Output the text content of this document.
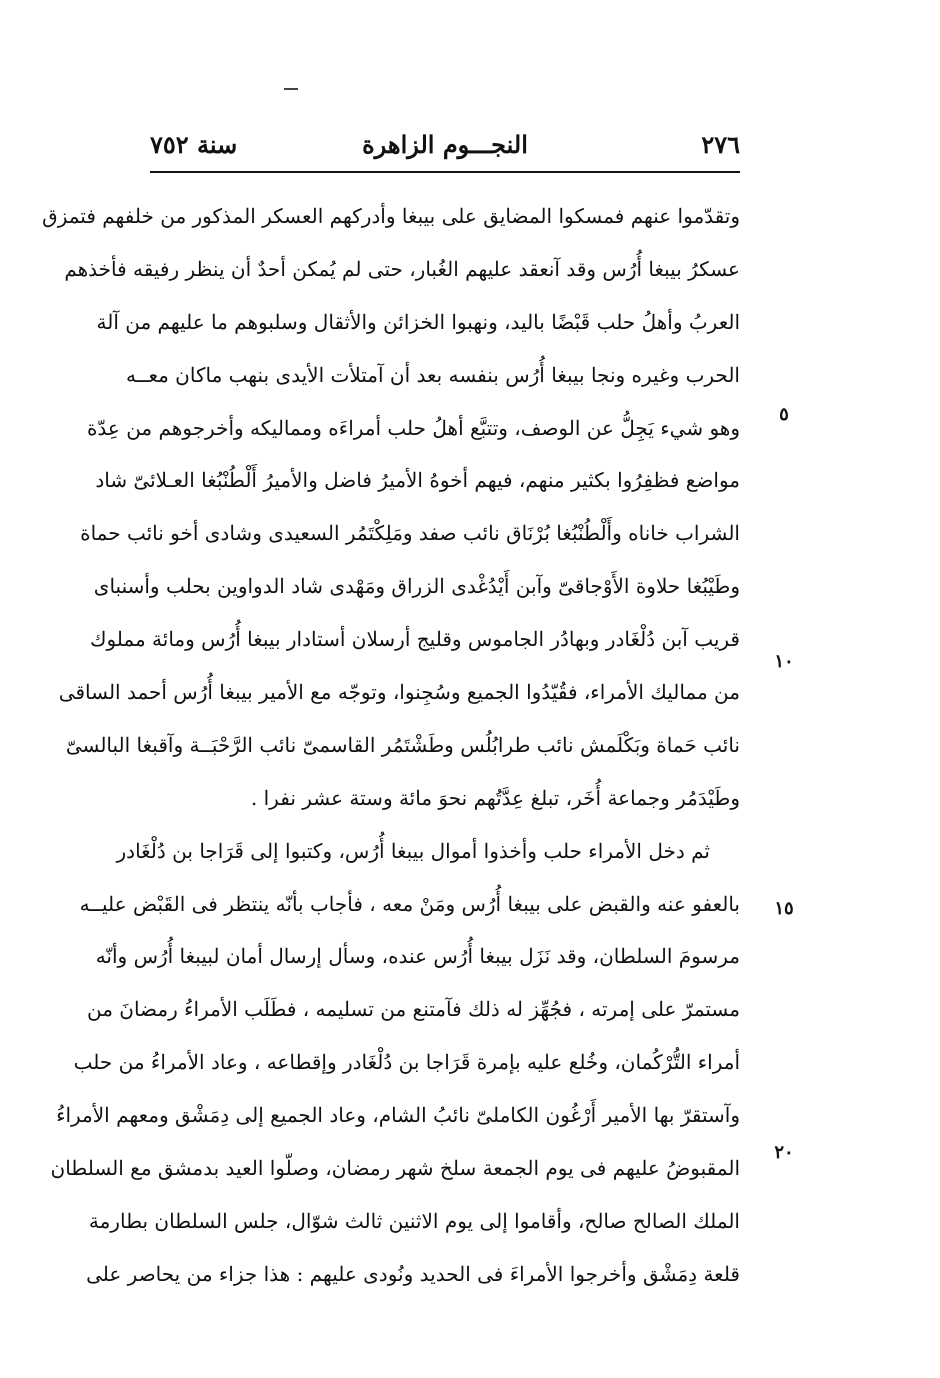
٢٧٦
النجـــوم الزاهرة
سنة ٧٥٢
وتقدّموا عنهم فمسكوا المضايق على بيبغا وأدركهم العسكر المذكور من خلفهم فتمزق
عسكرُ بيبغا أُرُس وقد آنعقد عليهم الغُبار، حتى لم يُمكن أحدٌ أن ينظر رفيقه فأخذهم
العربُ وأهلُ حلب قَبْضًا باليد، ونهبوا الخزائن والأثقال وسلبوهم ما عليهم من آلة
الحرب وغيره ونجا بيبغا أُرُس بنفسه بعد أن آمتلأت الأيدى بنهب ماكان معــه
وهو شيء يَجِلُّ عن الوصف، وتتبَّع أهلُ حلب أمراءَه ومماليكه وأخرجوهم من عِدّة
مواضع فظفِرُوا بكثير منهم، فيهم أخوهُ الأميرُ فاضل والأميرُ أَلْطُنْبُغا العـلائىّ شاد
الشراب خاناه وأَلْطُنْبُغا بُرْنَاق نائب صفد ومَلِكْتَمُر السعيدى وشادى أخو نائب حماة
وطَيْبُغا حلاوة الأَوْجاقىّ وآبن أَيْدُغْدى الزراق ومَهْدى شاد الدواوين بحلب وأسنباى
قريب آبن دُلْغَادر وبهادُر الجاموس وقليج أرسلان أستادار بيبغا أُرُس ومائة مملوك
من مماليك الأمراء، فقُيّدُوا الجميع وسُجِنوا، وتوجّه مع الأمير بيبغا أُرُس أحمد الساقى
نائب حَماة وبَكْلَمش نائب طرابُلُس وطَشْتَمُر القاسمىّ نائب الرَّحْبَــة وآقبغا البالسىّ
وطَيْدَمُر وجماعة أُخَر، تبلغ عِدَّتُهم نحوَ مائة وستة عشر نفرا .
ثم دخل الأمراء حلب وأخذوا أموال بيبغا أُرُس، وكتبوا إلى قَرَاجا بن دُلْغَادر
بالعفو عنه والقبض على بيبغا أُرُس ومَنْ معه ، فأجاب بأنّه ينتظر فى القَبْض عليــه
مرسومَ السلطان، وقد نَزَل بيبغا أُرُس عنده، وسأل إرسال أمان لبيبغا أُرُس وأنّه
مستمرّ على إمرته ، فجُهِّز له ذلك فآمتنع من تسليمه ، فطَلَب الأمراءُ رمضانَ من
أمراء التُّرْكُمان، وخُلع عليه بإمرة قَرَاجا بن دُلْغَادر وإقطاعه ، وعاد الأمراءُ من حلب
وآستقرّ بها الأمير أَرْغُون الكاملىّ نائبُ الشام، وعاد الجميع إلى دِمَشْق ومعهم الأمراءُ
المقبوضُ عليهم فى يوم الجمعة سلخ شهر رمضان، وصلّوا العيد بدمشق مع السلطان
الملك الصالح صالح، وأقاموا إلى يوم الاثنين ثالث شوّال، جلس السلطان بطارمة
قلعة دِمَشْق وأخرجوا الأمراءَ فى الحديد ونُودى عليهم : هذا جزاء من يحاصر على
٥
١٠
١٥
٢٠
